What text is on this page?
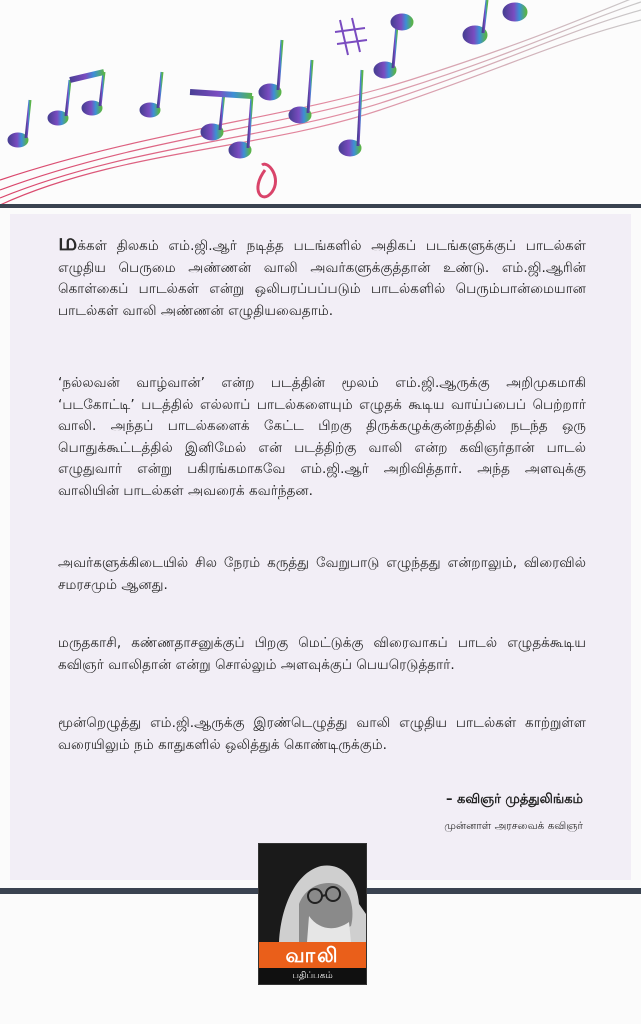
மக்கள் திலகம் எம்.ஜி.ஆர் நடித்த படங்களில் அதிகப் படங்களுக்குப் பாடல்கள் எழுதிய பெருமை அண்ணன் வாலி அவர்களுக்குத்தான் உண்டு. எம்.ஜி.ஆரின் கொள்கைப் பாடல்கள் என்று ஒலிபரப்பப்படும் பாடல்களில் பெரும்பான்மையான பாடல்கள் வாலி அண்ணன் எழுதியவைதாம்.

‘நல்லவன் வாழ்வான்’ என்ற படத்தின் மூலம் எம்.ஜி.ஆருக்கு அறிமுகமாகி ‘படகோட்டி’ படத்தில் எல்லாப் பாடல்களையும் எழுதக் கூடிய வாய்ப்பைப் பெற்றார் வாலி. அந்தப் பாடல்களைக் கேட்ட பிறகு திருக்கழுக்குன்றத்தில் நடந்த ஒரு பொதுக்கூட்டத்தில் இனிமேல் என் படத்திற்கு வாலி என்ற கவிஞர்தான் பாடல் எழுதுவார் என்று பகிரங்கமாகவே எம்.ஜி.ஆர் அறிவித்தார். அந்த அளவுக்கு வாலியின் பாடல்கள் அவரைக் கவர்ந்தன.

அவர்களுக்கிடையில் சில நேரம் கருத்து வேறுபாடு எழுந்தது என்றாலும், விரைவில் சமரசமும் ஆனது.

மருதகாசி, கண்ணதாசனுக்குப் பிறகு மெட்டுக்கு விரைவாகப் பாடல் எழுதக்கூடிய கவிஞர் வாலிதான் என்று சொல்லும் அளவுக்குப் பெயரெடுத்தார்.

மூன்றெழுத்து எம்.ஜி.ஆருக்கு இரண்டெழுத்து வாலி எழுதிய பாடல்கள் காற்றுள்ள வரையிலும் நம் காதுகளில் ஒலித்துக் கொண்டிருக்கும்.

– கவிஞர் முத்துலிங்கம்
முன்னாள் அரசவைக் கவிஞர்
வாலி
பதிப்பகம்
